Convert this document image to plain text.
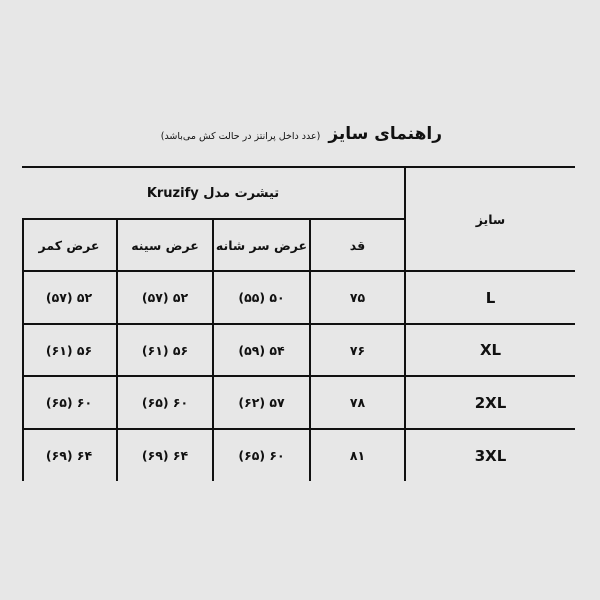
راهنمای سایز
(عدد داخل پرانتز در حالت کش می‌باشد)
سایز
تیشرت مدل Kruzify
قد
عرض سر شانه
عرض سینه
عرض کمر
L
۷۵
۵۰ (۵۵)
۵۲ (۵۷)
۵۲ (۵۷)
XL
۷۶
۵۴ (۵۹)
۵۶ (۶۱)
۵۶ (۶۱)
2XL
۷۸
۵۷ (۶۲)
۶۰ (۶۵)
۶۰ (۶۵)
3XL
۸۱
۶۰ (۶۵)
۶۴ (۶۹)
۶۴ (۶۹)
